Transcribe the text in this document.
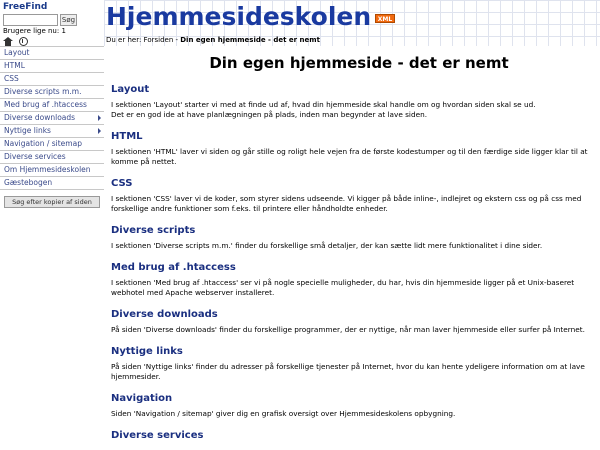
FreeFind
Søg
Brugere lige nu: 1
Layout
HTML
CSS
Diverse scripts m.m.
Med brug af .htaccess
Diverse downloads
Nyttige links
Navigation / sitemap
Diverse services
Om Hjemmesideskolen
Gæstebogen
Søg efter kopier af siden
Hjemmesideskolen	XML
Du er her: Forsiden - Din egen hjemmeside - det er nemt
Din egen hjemmeside - det er nemt
Layout

I sektionen 'Layout' starter vi med at finde ud af, hvad din hjemmeside skal handle om og hvordan siden skal se ud.

Det er en god ide at have planlægningen på plads, inden man begynder at lave siden.

HTML

I sektionen 'HTML' laver vi siden og går stille og roligt hele vejen fra de første kodestumper og til den færdige side ligger klar til at komme på nettet.

CSS

I sektionen 'CSS' laver vi de koder, som styrer sidens udseende. Vi kigger på både inline-, indlejret og ekstern css og på css med forskellige andre funktioner som f.eks. til printere eller håndholdte enheder.

Diverse scripts

I sektionen 'Diverse scripts m.m.' finder du forskellige små detaljer, der kan sætte lidt mere funktionalitet i dine sider.

Med brug af .htaccess

I sektionen 'Med brug af .htaccess' ser vi på nogle specielle muligheder, du har, hvis din hjemmeside ligger på et Unix-baseret webhotel med Apache webserver installeret.

Diverse downloads

På siden 'Diverse downloads' finder du forskellige programmer, der er nyttige, når man laver hjemmeside eller surfer på Internet.

Nyttige links

På siden 'Nyttige links' finder du adresser på forskellige tjenester på Internet, hvor du kan hente ydeligere information om at lave hjemmesider.

Navigation

Siden 'Navigation / sitemap' giver dig en grafisk oversigt over Hjemmesideskolens opbygning.

Diverse services
